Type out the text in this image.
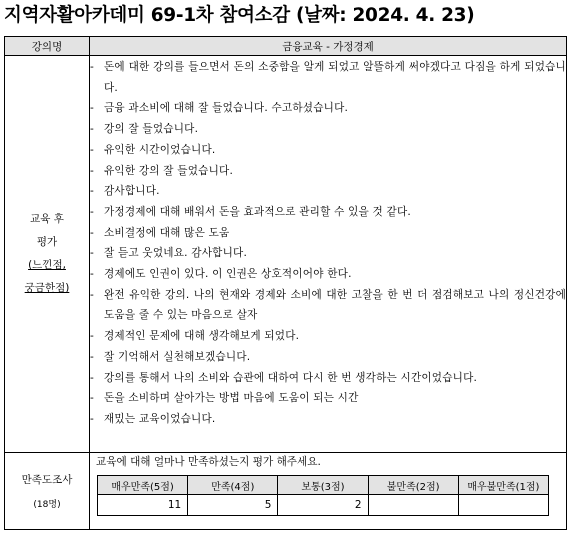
지역자활아카데미 69-1차 참여소감 (날짜: 2024. 4. 23)
강의명	금융교육 - 가정경제

교육 후
평가
(느낀점,
궁금한점)

- 돈에 대한 강의를 들으면서 돈의 소중함을 알게 되었고 알뜰하게 써야겠다고 다짐을 하게 되었습니다.
- 금융 과소비에 대해 잘 들었습니다. 수고하셨습니다.
- 강의 잘 들었습니다.
- 유익한 시간이었습니다.
- 유익한 강의 잘 들었습니다.
- 감사합니다.
- 가정경제에 대해 배워서 돈을 효과적으로 관리할 수 있을 것 같다.
- 소비결정에 대해 많은 도움
- 잘 듣고 웃었네요. 감사합니다.
- 경제에도 인권이 있다. 이 인권은 상호적이어야 한다.
- 완전 유익한 강의. 나의 현재와 경제와 소비에 대한 고찰을 한 번 더 점검해보고 나의 정신건강에 도움을 줄 수 있는 마음으로 살자
- 경제적인 문제에 대해 생각해보게 되었다.
- 잘 기억해서 실천해보겠습니다.
- 강의를 통해서 나의 소비와 습관에 대하여 다시 한 번 생각하는 시간이었습니다.
- 돈을 소비하며 살아가는 방법 마음에 도움이 되는 시간
- 재밌는 교육이었습니다.

만족도조사
(18명)

교육에 대해 얼마나 만족하셨는지 평가 해주세요.
매우만족(5점)	만족(4점)	보통(3점)	불만족(2점)	매우불만족(1점)
11	5	2		
